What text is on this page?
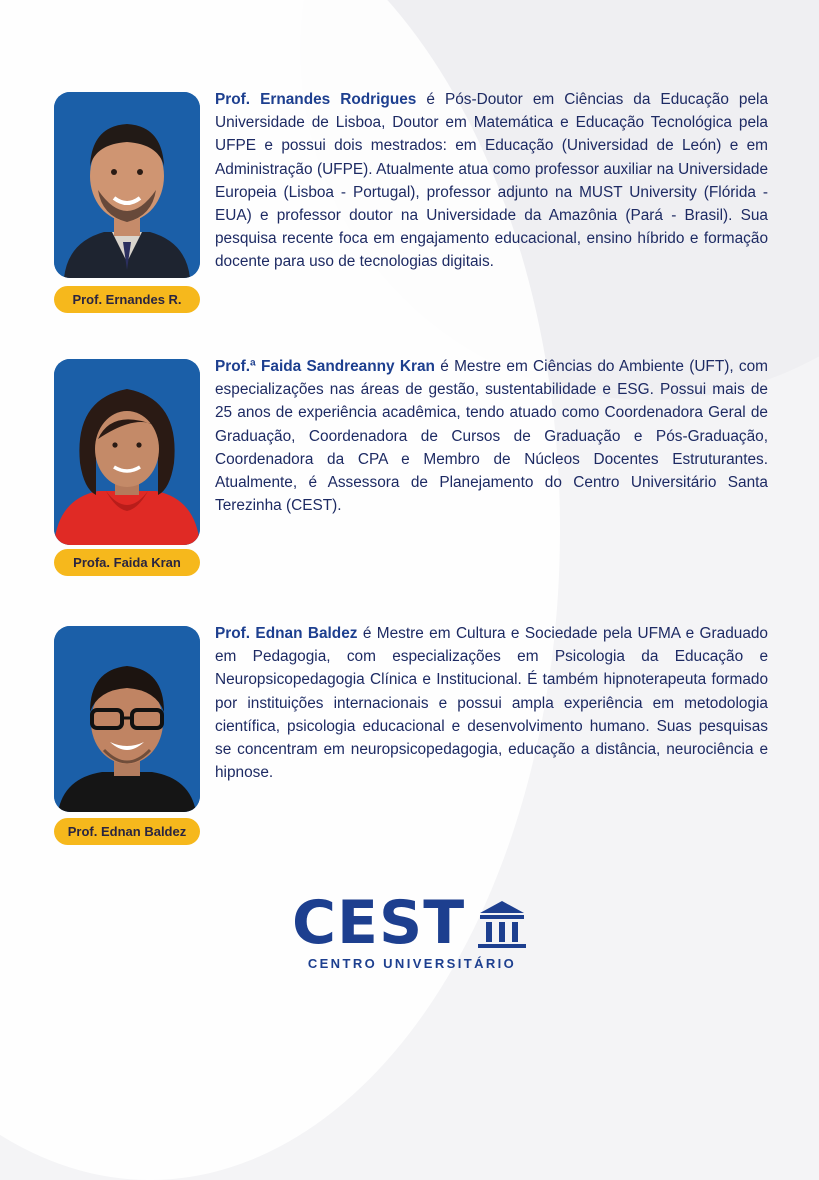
Prof. Ernandes R.

Prof. Ernandes Rodrigues é Pós-Doutor em Ciências da Educação pela Universidade de Lisboa, Doutor em Matemática e Educação Tecnológica pela UFPE e possui dois mestrados: em Educação (Universidad de León) e em Administração (UFPE). Atualmente atua como professor auxiliar na Universidade Europeia (Lisboa - Portugal), professor adjunto na MUST University (Flórida - EUA) e professor doutor na Universidade da Amazônia (Pará - Brasil). Sua pesquisa recente foca em engajamento educacional, ensino híbrido e formação docente para uso de tecnologias digitais.

Profa. Faida Kran

Prof.ª Faida Sandreanny Kran é Mestre em Ciências do Ambiente (UFT), com especializações nas áreas de gestão, sustentabilidade e ESG. Possui mais de 25 anos de experiência acadêmica, tendo atuado como Coordenadora Geral de Graduação, Coordenadora de Cursos de Graduação e Pós-Graduação, Coordenadora da CPA e Membro de Núcleos Docentes Estruturantes. Atualmente, é Assessora de Planejamento do Centro Universitário Santa Terezinha (CEST).

Prof. Ednan Baldez

Prof. Ednan Baldez é Mestre em Cultura e Sociedade pela UFMA e Graduado em Pedagogia, com especializações em Psicologia da Educação e Neuropsicopedagogia Clínica e Institucional. É também hipnoterapeuta formado por instituições internacionais e possui ampla experiência em metodologia científica, psicologia educacional e desenvolvimento humano. Suas pesquisas se concentram em neuropsicopedagogia, educação a distância, neurociência e hipnose.

CEST
CENTRO UNIVERSITÁRIO
